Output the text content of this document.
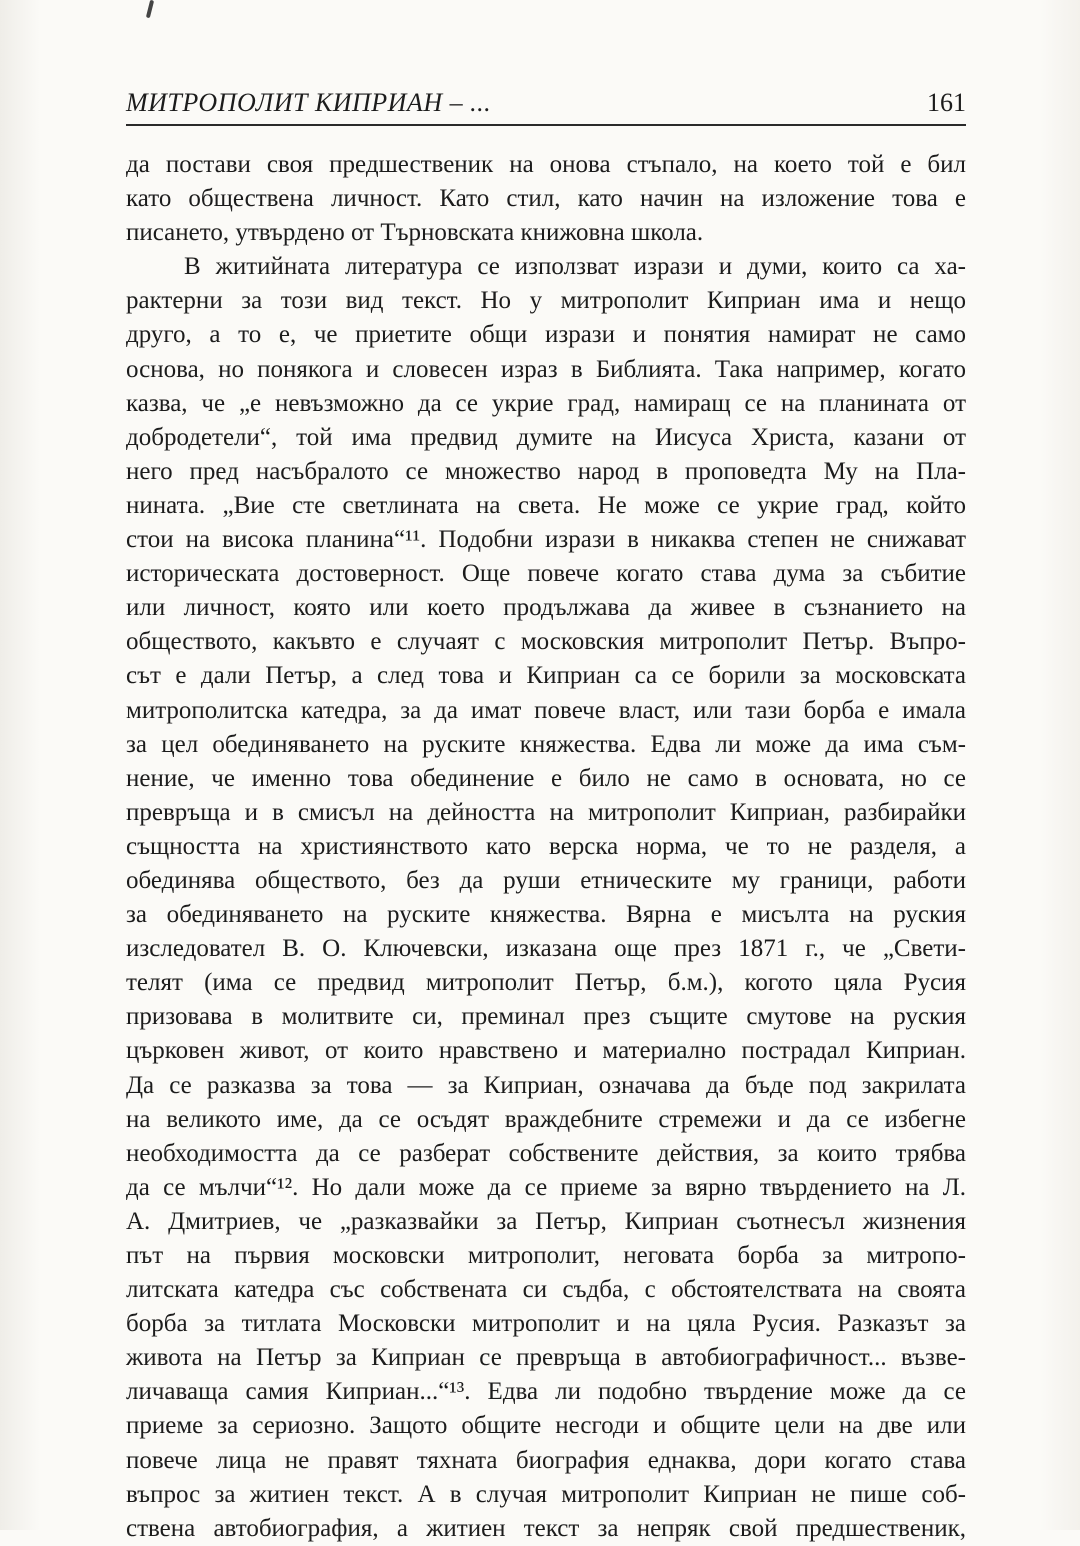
МИТРОПОЛИТ КИПРИАН – ...	161
да постави своя предшественик на онова стъпало, на което той е бил
като обществена личност. Като стил, като начин на изложение това е
писането, утвърдено от Търновската книжовна школа.
В житийната литература се използват изрази и думи, които са ха-
рактерни за този вид текст. Но у митрополит Киприан има и нещо
друго, а то е, че приетите общи изрази и понятия намират не само
основа, но понякога и словесен израз в Библията. Така например, когато
казва, че „е невъзможно да се укрие град, намиращ се на планината от
добродетели“, той има предвид думите на Иисуса Христа, казани от
него пред насъбралото се множество народ в проповедта Му на Пла-
нината. „Вие сте светлината на света. Не може се укрие град, който
стои на висока планина“¹¹. Подобни изрази в никаква степен не снижават
историческата достоверност. Още повече когато става дума за събитие
или личност, която или което продължава да живее в съзнанието на
обществото, какъвто е случаят с московския митрополит Петър. Въпро-
сът е дали Петър, а след това и Киприан са се борили за московската
митрополитска катедра, за да имат повече власт, или тази борба е имала
за цел обединяването на руските княжества. Едва ли може да има съм-
нение, че именно това обединение е било не само в основата, но се
превръща и в смисъл на дейността на митрополит Киприан, разбирайки
същността на християнството като верска норма, че то не разделя, а
обединява обществото, без да руши етническите му граници, работи
за обединяването на руските княжества. Вярна е мисълта на руския
изследовател В. О. Ключевски, изказана още през 1871 г., че „Свети-
телят (има се предвид митрополит Петър, б.м.), когото цяла Русия
призовава в молитвите си, преминал през същите смутове на руския
църковен живот, от които нравствено и материално пострадал Киприан.
Да се разказва за това — за Киприан, означава да бъде под закрилата
на великото име, да се осъдят враждебните стремежи и да се избегне
необходимостта да се разберат собствените действия, за които трябва
да се мълчи“¹². Но дали може да се приеме за вярно твърдението на Л.
А. Дмитриев, че „разказвайки за Петър, Киприан съотнесъл жизнения
път на първия московски митрополит, неговата борба за митропо-
литската катедра със собствената си съдба, с обстоятелствата на своята
борба за титлата Московски митрополит и на цяла Русия. Разказът за
живота на Петър за Киприан се превръща в автобиографичност... възве-
личаваща самия Киприан...“¹³. Едва ли подобно твърдение може да се
приеме за сериозно. Защото общите несгоди и общите цели на две или
повече лица не правят тяхната биография еднаква, дори когато става
въпрос за житиен текст. А в случая митрополит Киприан не пише соб-
ствена автобиография, а житиен текст за непряк свой предшественик,
